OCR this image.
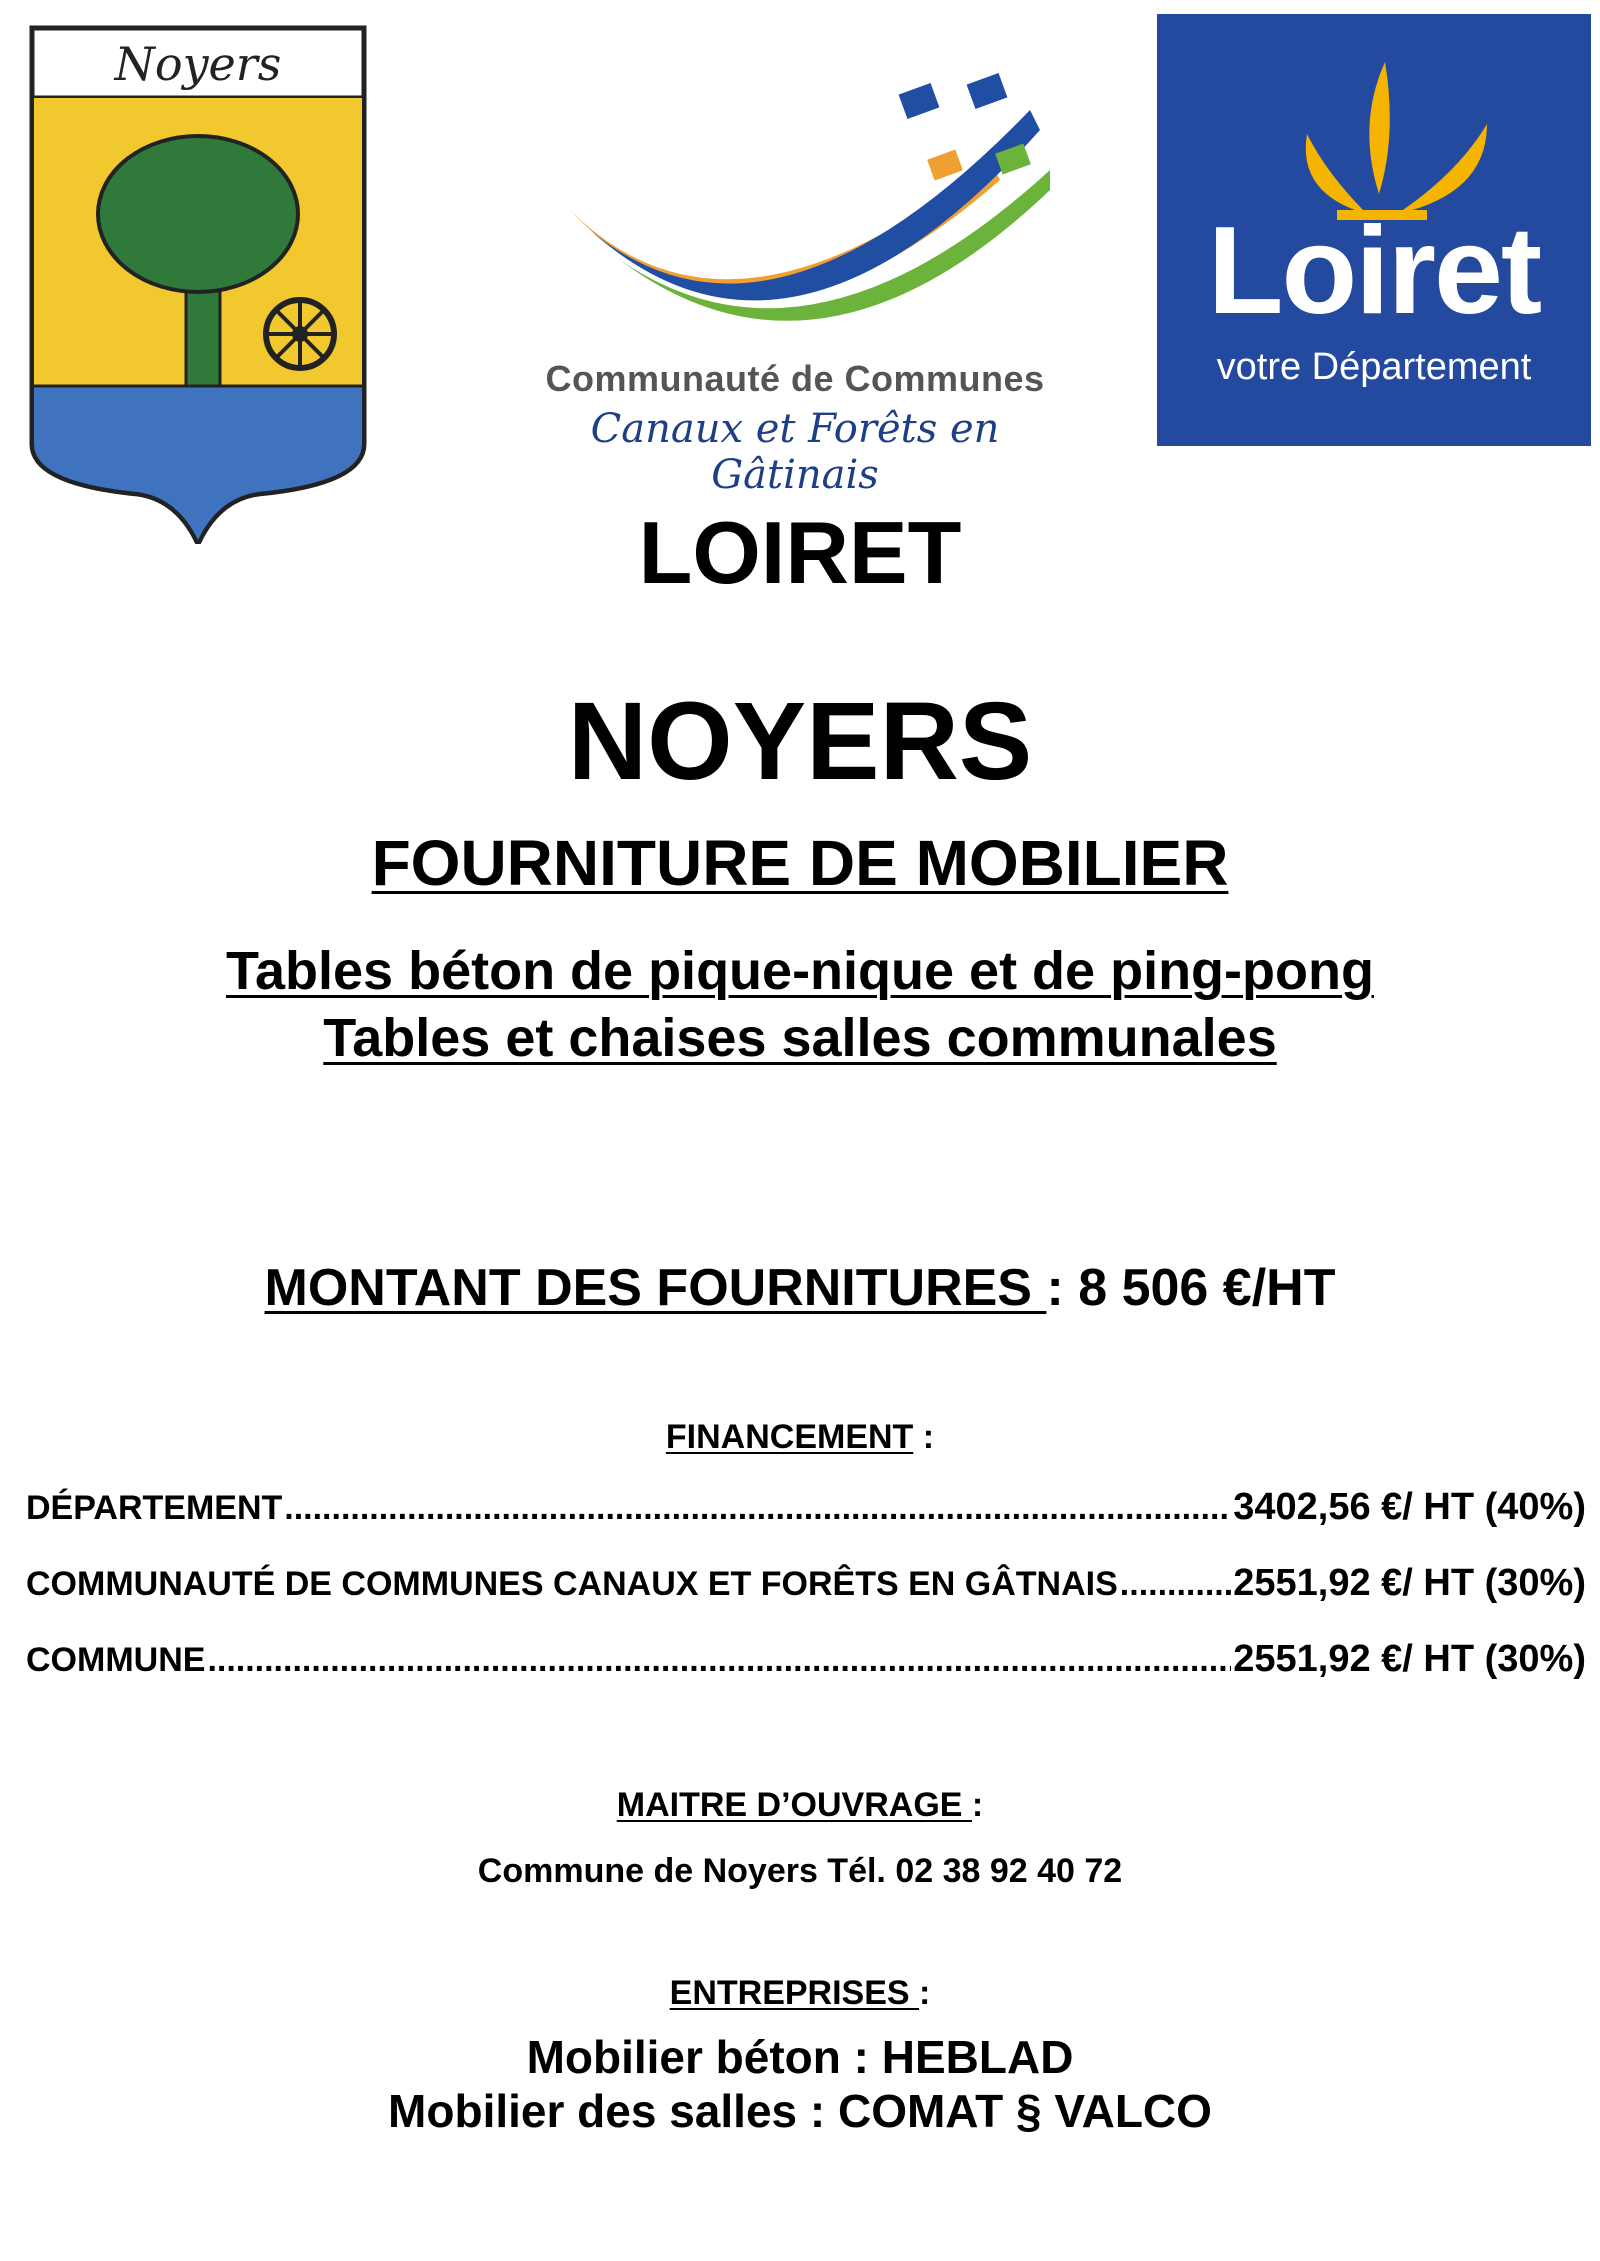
Noyers
Communauté de Communes
Canaux et Forêts en Gâtinais
Loiret
votre Département
LOIRET
NOYERS
FOURNITURE DE MOBILIER
Tables béton de pique-nique et de ping-pong
Tables et chaises salles communales
MONTANT DES FOURNITURES : 8 506 €/HT
FINANCEMENT :
DÉPARTEMENT .....	3402,56 €/ HT (40%)
COMMUNAUTÉ DE COMMUNES CANAUX ET FORÊTS EN GÂTNAIS .....	2551,92 €/ HT (30%)
COMMUNE .....	2551,92 €/ HT (30%)
MAITRE D’OUVRAGE :
Commune de Noyers Tél. 02 38 92 40 72
ENTREPRISES :
Mobilier béton : HEBLAD
Mobilier des salles : COMAT § VALCO
